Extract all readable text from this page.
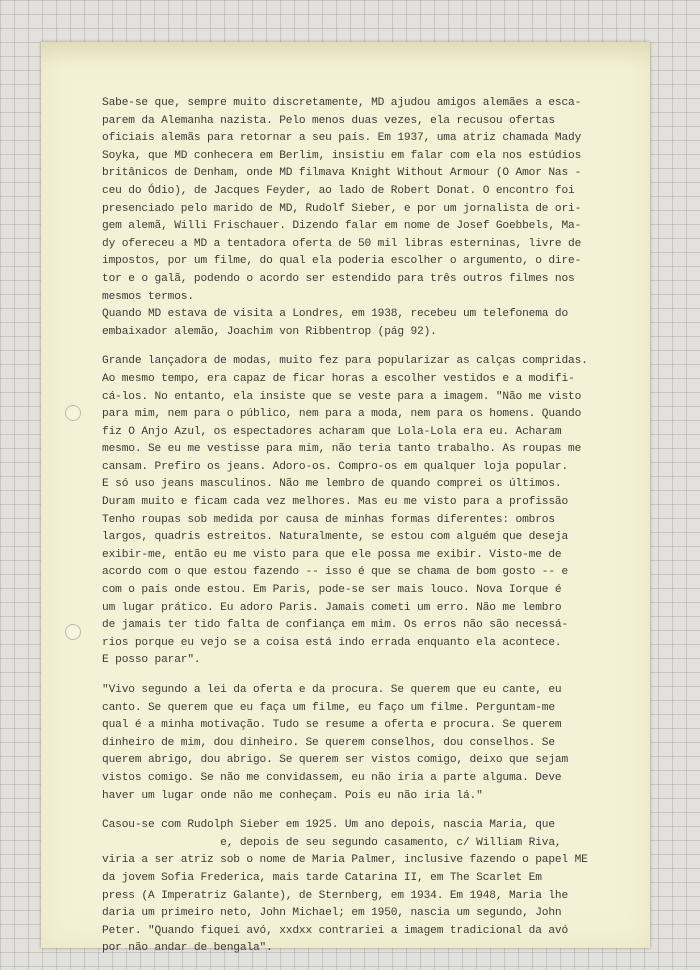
Sabe-se que, sempre muito discretamente, MD ajudou amigos alemães a esca-
parem da Alemanha nazista. Pelo menos duas vezes, ela recusou ofertas
oficiais alemãs para retornar a seu país. Em 1937, uma atriz chamada Mady
Soyka, que MD conhecera em Berlim, insistiu em falar com ela nos estúdios
britânicos de Denham, onde MD filmava Knight Without Armour (O Amor Nas -
ceu do Ódio), de Jacques Feyder, ao lado de Robert Donat. O encontro foi
presenciado pelo marido de MD, Rudolf Sieber, e por um jornalista de ori-
gem alemã, Willi Frischauer. Dizendo falar em nome de Josef Goebbels, Ma-
dy ofereceu a MD a tentadora oferta de 50 mil libras esterninas, livre de
impostos, por um filme, do qual ela poderia escolher o argumento, o dire-
tor e o galã, podendo o acordo ser estendido para três outros filmes nos
mesmos termos.
Quando MD estava de visita a Londres, em 1938, recebeu um telefonema do
embaixador alemão, Joachim von Ribbentrop (pág 92).
Grande lançadora de modas, muito fez para popularizar as calças compridas.
Ao mesmo tempo, era capaz de ficar horas a escolher vestidos e a modifi-
cá-los. No entanto, ela insiste que se veste para a imagem. "Não me visto
para mim, nem para o público, nem para a moda, nem para os homens. Quando
fiz O Anjo Azul, os espectadores acharam que Lola-Lola era eu. Acharam
mesmo. Se eu me vestisse para mim, não teria tanto trabalho. As roupas me
cansam. Prefiro os jeans. Adoro-os. Compro-os em qualquer loja popular.
E só uso jeans masculinos. Não me lembro de quando comprei os últimos.
Duram muito e ficam cada vez melhores. Mas eu me visto para a profissão
Tenho roupas sob medida por causa de minhas formas diferentes: ombros
largos, quadris estreitos. Naturalmente, se estou com alguém que deseja
exibir-me, então eu me visto para que ele possa me exibir. Visto-me de
acordo com o que estou fazendo -- isso é que se chama de bom gosto -- e
com o país onde estou. Em Paris, pode-se ser mais louco. Nova Iorque é
um lugar prático. Eu adoro Paris. Jamais cometi um erro. Não me lembro
de jamais ter tido falta de confiança em mim. Os erros não são necessá-
rios porque eu vejo se a coisa está indo errada enquanto ela acontece.
E posso parar".
"Vivo segundo a lei da oferta e da procura. Se querem que eu cante, eu
canto. Se querem que eu faça um filme, eu faço um filme. Perguntam-me
qual é a minha motivação. Tudo se resume a oferta e procura. Se querem
dinheiro de mim, dou dinheiro. Se querem conselhos, dou conselhos. Se
querem abrigo, dou abrigo. Se querem ser vistos comigo, deixo que sejam
vistos comigo. Se não me convidassem, eu não iria a parte alguma. Deve
haver um lugar onde não me conheçam. Pois eu não iria lá."
Casou-se com Rudolph Sieber em 1925. Um ano depois, nascia Maria, que
e, depois de seu segundo casamento, c/ William Riva,
viria a ser atriz sob o nome de Maria Palmer, inclusive fazendo o papel ME
da jovem Sofia Frederica, mais tarde Catarina II, em The Scarlet Em
press (A Imperatriz Galante), de Sternberg, em 1934. Em 1948, Maria lhe
daria um primeiro neto, John Michael; em 1950, nascia um segundo, John
Peter. "Quando fiquei avó, xxdxx contrariei a imagem tradicional da avó
por não andar de bengala".
